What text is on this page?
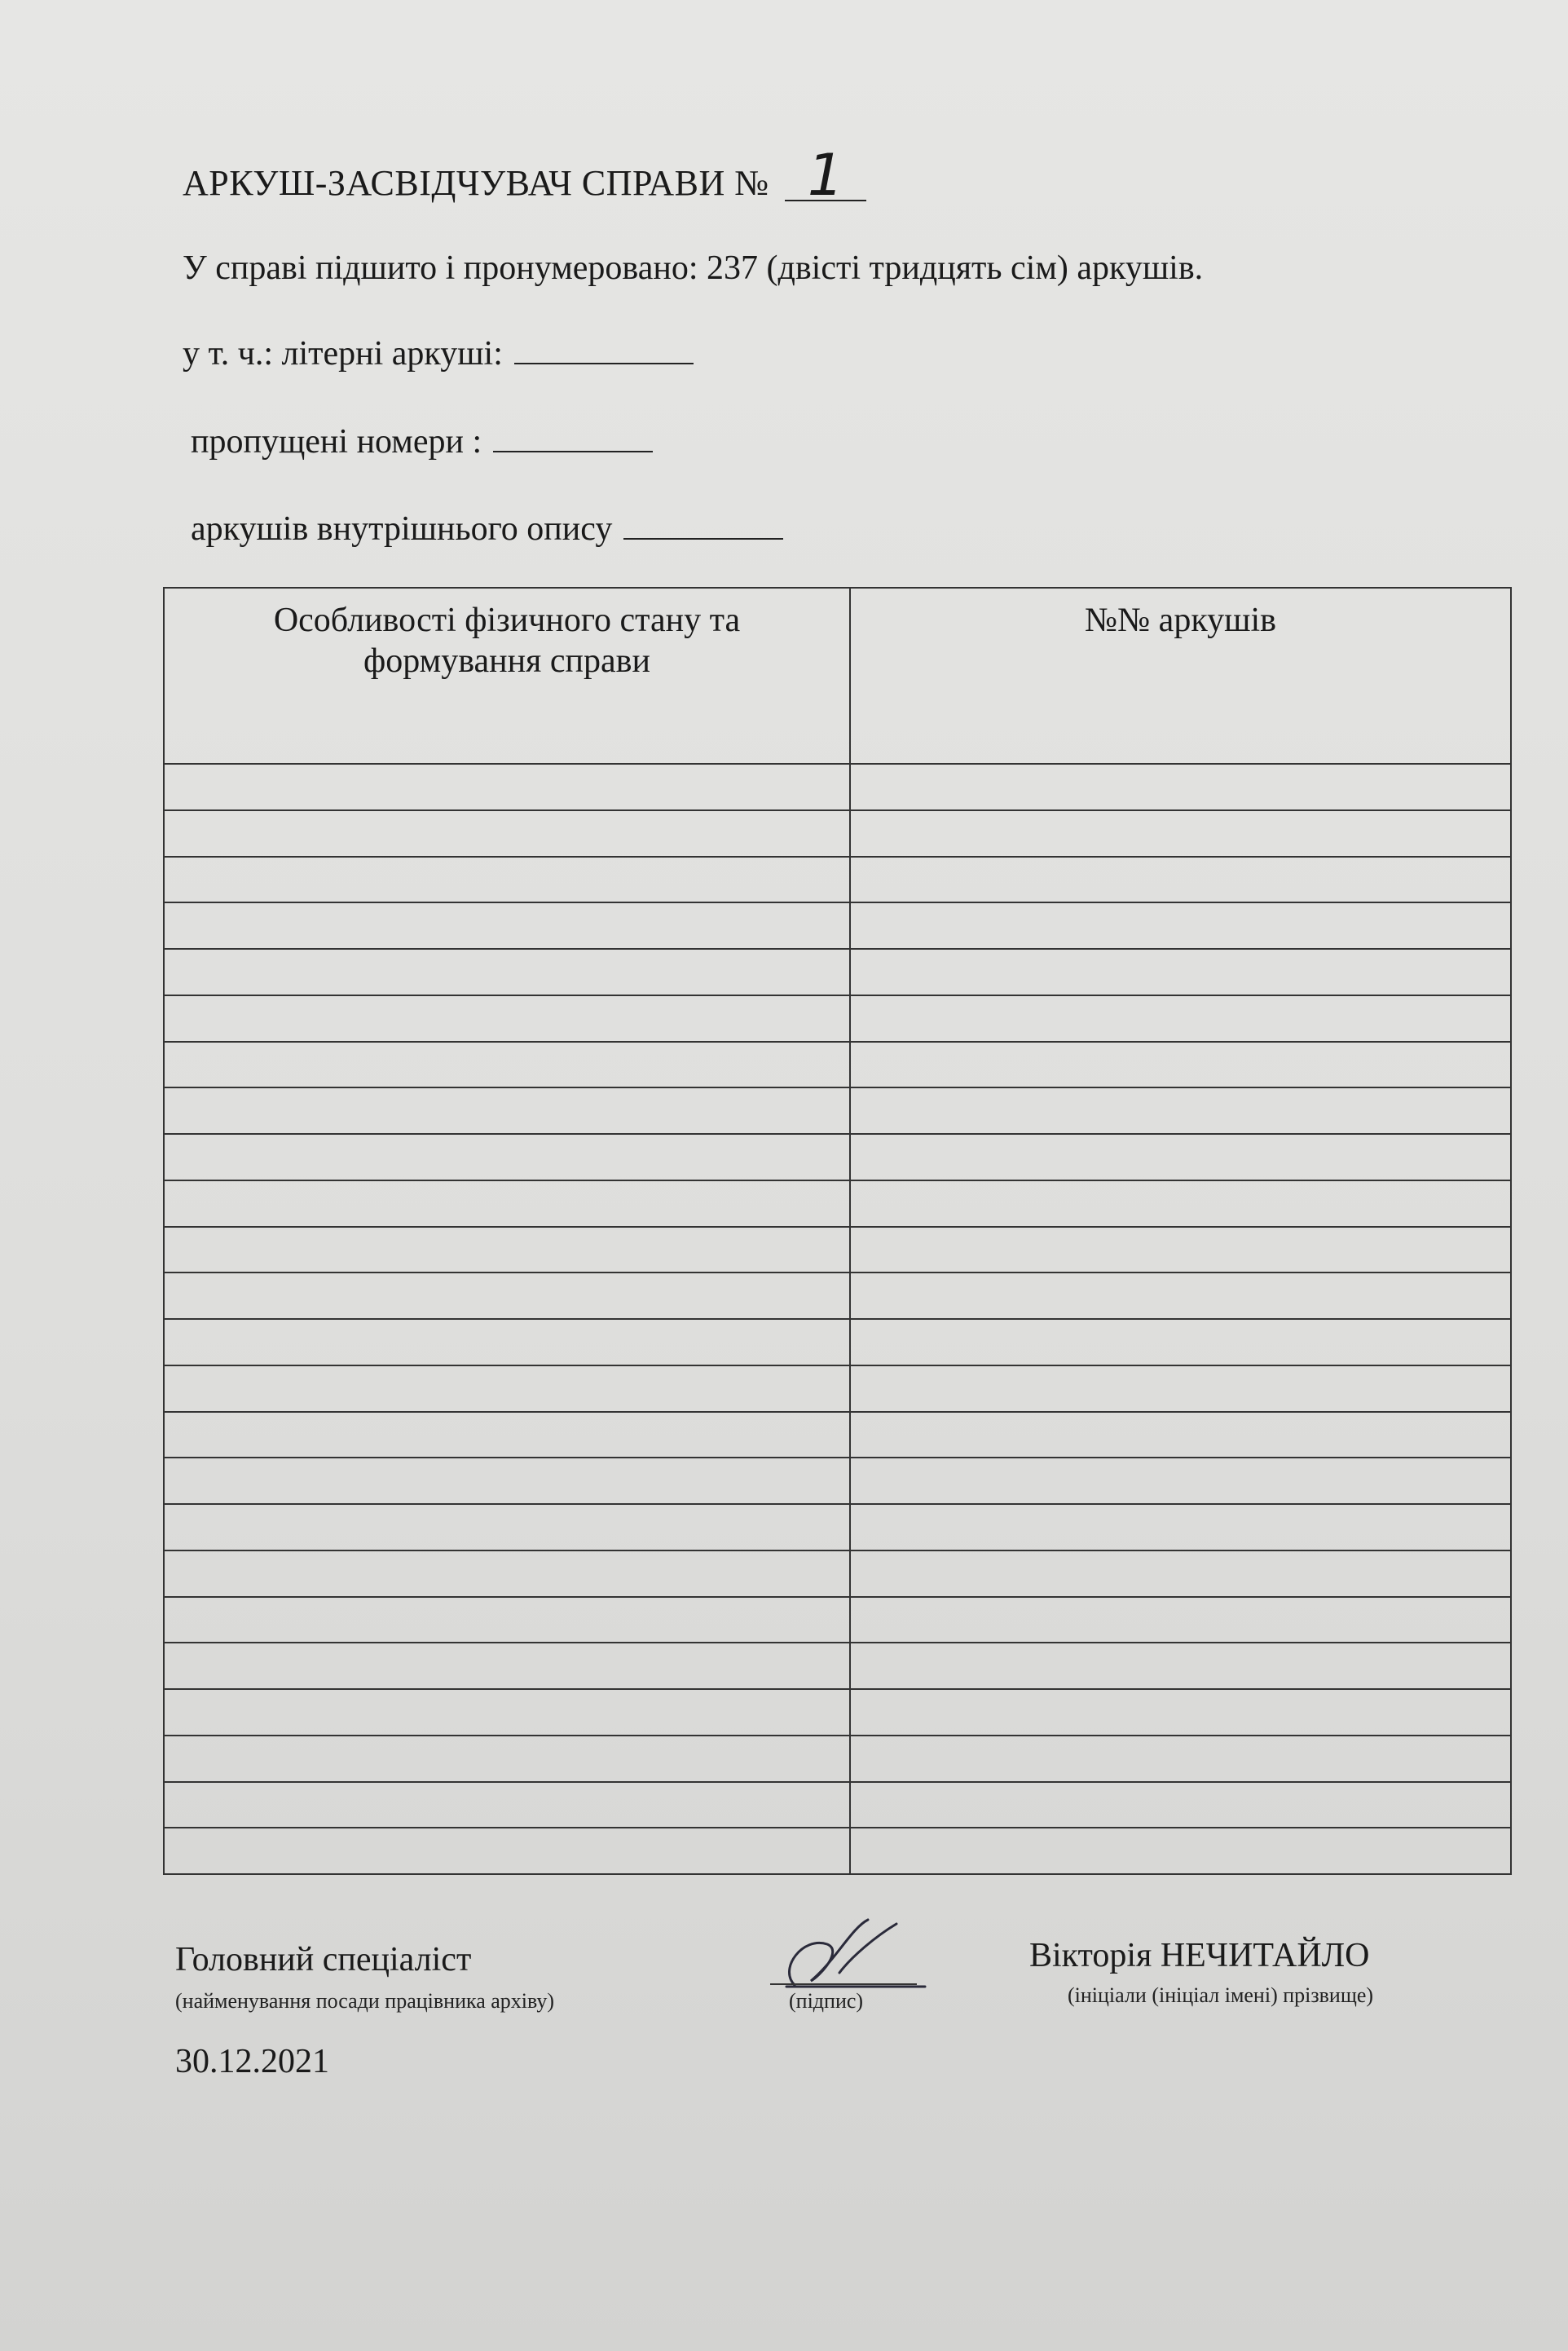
АРКУШ-ЗАСВІДЧУВАЧ СПРАВИ № 1
У справі підшито і пронумеровано: 237 (двісті тридцять сім) аркушів.
у т. ч.: літерні аркуші:
пропущені номери :
аркушів внутрішнього опису
Особливості фізичного стану та
формування справи	№№ аркушів

Головний спеціаліст
(найменування посади працівника архіву)	(підпис)
Вікторія НЕЧИТАЙЛО
(ініціали (ініціал імені) прізвище)
30.12.2021
